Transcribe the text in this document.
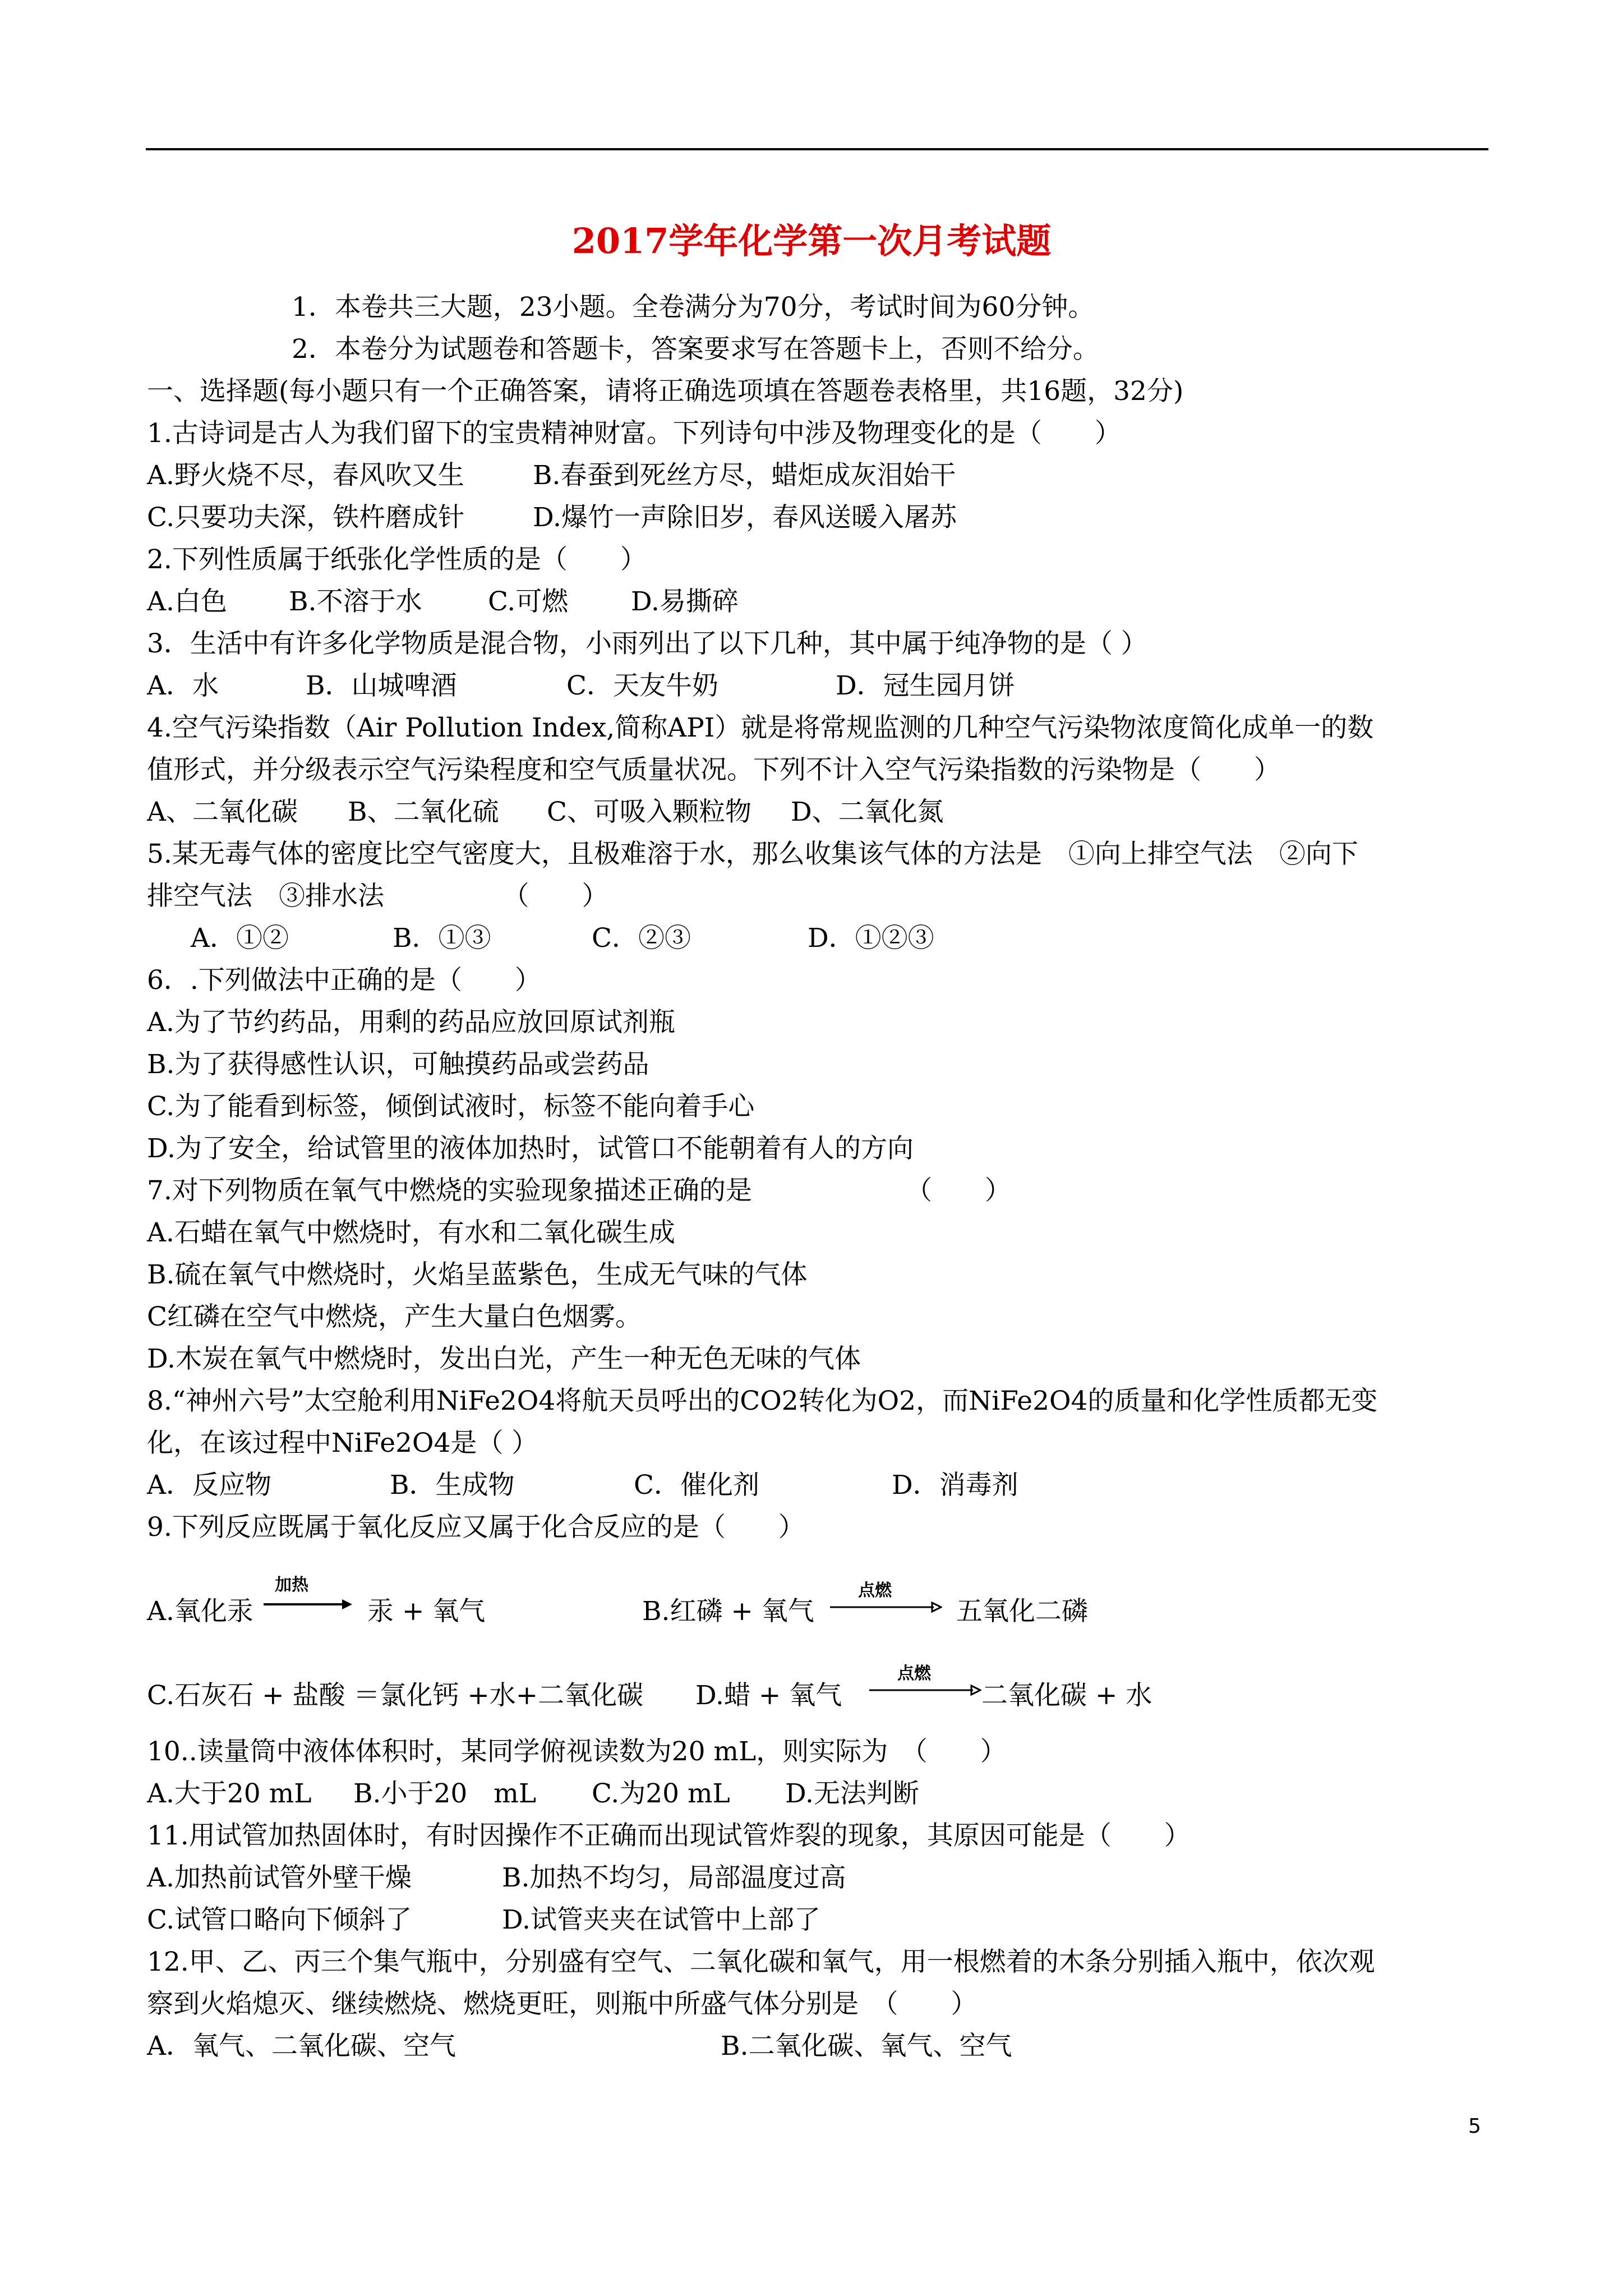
2017学年化学第一次月考试题
1．本卷共三大题，23小题。全卷满分为70分，考试时间为60分钟。
2．本卷分为试题卷和答题卡，答案要求写在答题卡上，否则不给分。
一、选择题(每小题只有一个正确答案，请将正确选项填在答题卷表格里，共16题，32分)
1.古诗词是古人为我们留下的宝贵精神财富。下列诗句中涉及物理变化的是（　　）
A.野火烧不尽，春风吹又生	B.春蚕到死丝方尽，蜡炬成灰泪始干
C.只要功夫深，铁杵磨成针	D.爆竹一声除旧岁，春风送暖入屠苏
2.下列性质属于纸张化学性质的是（　　）
A.白色 B.不溶于水	C.可燃 D.易撕碎
3．生活中有许多化学物质是混合物，小雨列出了以下几种，其中属于纯净物的是（ ）
A．水	B．山城啤酒	C．天友牛奶	D．冠生园月饼
4.空气污染指数（Air Pollution Index,简称API）就是将常规监测的几种空气污染物浓度简化成单一的数
值形式，并分级表示空气污染程度和空气质量状况。下列不计入空气污染指数的污染物是（　　）
A、二氧化碳 B、二氧化硫 C、可吸入颗粒物 D、二氧化氮
5.某无毒气体的密度比空气密度大，且极难溶于水，那么收集该气体的方法是　①向上排空气法　②向下
排空气法　③排水法　　　　　（　　）
A．①②	B．①③	C．②③	D．①②③
6．.下列做法中正确的是（　　）
A.为了节约药品，用剩的药品应放回原试剂瓶
B.为了获得感性认识，可触摸药品或尝药品
C.为了能看到标签，倾倒试液时，标签不能向着手心
D.为了安全，给试管里的液体加热时，试管口不能朝着有人的方向
7.对下列物质在氧气中燃烧的实验现象描述正确的是	（　　）
A.石蜡在氧气中燃烧时，有水和二氧化碳生成
B.硫在氧气中燃烧时，火焰呈蓝紫色，生成无气味的气体
C红磷在空气中燃烧，产生大量白色烟雾。
D.木炭在氧气中燃烧时，发出白光，产生一种无色无味的气体
8.“神州六号”太空舱利用NiFe2O4将航天员呼出的CO2转化为O2，而NiFe2O4的质量和化学性质都无变
化，在该过程中NiFe2O4是（ ）
A．反应物	B．生成物	C．催化剂	D．消毒剂
9.下列反应既属于氧化反应又属于化合反应的是（　　）
A.氧化汞
加热
汞 + 氧气	B.红磷 + 氧气
点燃
五氧化二磷
C.石灰石 + 盐酸 ＝氯化钙 +水+二氧化碳 D.蜡 + 氧气
点燃
二氧化碳 + 水
10..读量筒中液体体积时，某同学俯视读数为20 mL，则实际为　（　　）
A.大于20 mL B.小于20　mL C.为20 mL D.无法判断
11.用试管加热固体时，有时因操作不正确而出现试管炸裂的现象，其原因可能是（　　）
A.加热前试管外壁干燥	B.加热不均匀，局部温度过高
C.试管口略向下倾斜了	D.试管夹夹在试管中上部了
12.甲、乙、丙三个集气瓶中，分别盛有空气、二氧化碳和氧气，用一根燃着的木条分别插入瓶中，依次观
察到火焰熄灭、继续燃烧、燃烧更旺，则瓶中所盛气体分别是　（　　）
A．氧气、二氧化碳、空气	B.二氧化碳、氧气、空气
5
